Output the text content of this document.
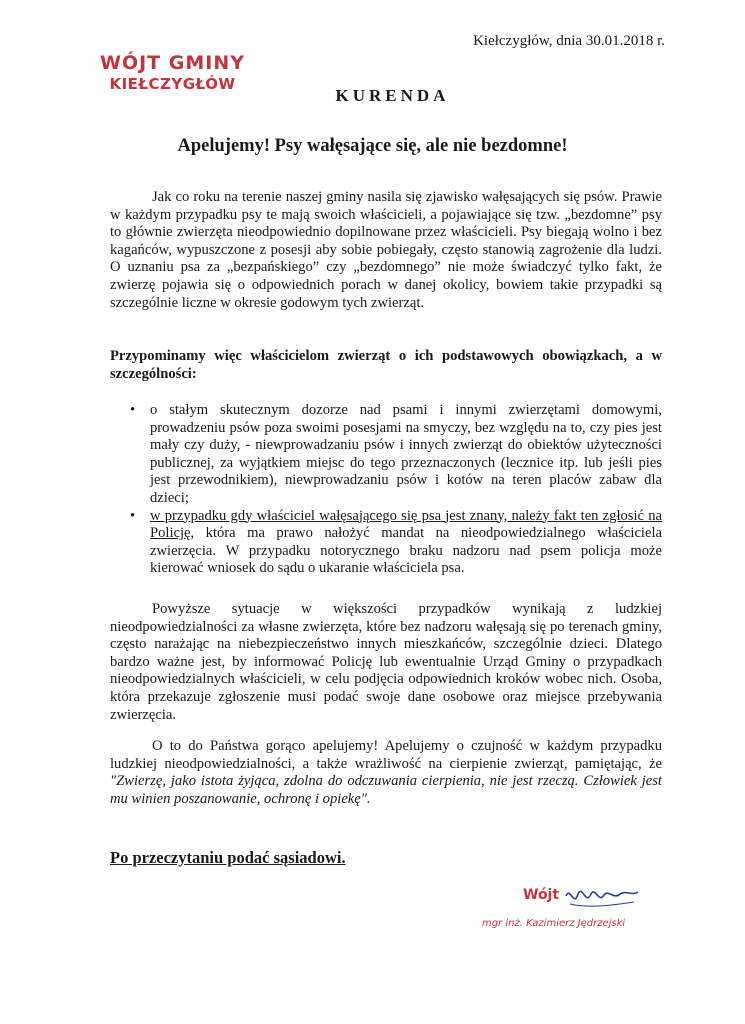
Kiełczygłów, dnia 30.01.2018 r.
WÓJT GMINY
KIEŁCZYGŁÓW
KURENDA
Apelujemy! Psy wałęsające się, ale nie bezdomne!
Jak co roku na terenie naszej gminy nasila się zjawisko wałęsających się psów. Prawie w każdym przypadku psy te mają swoich właścicieli, a pojawiające się tzw. „bezdomne” psy to głównie zwierzęta nieodpowiednio dopilnowane przez właścicieli. Psy biegają wolno i bez kagańców, wypuszczone z posesji aby sobie pobiegały, często stanowią zagrożenie dla ludzi. O uznaniu psa za „bezpańskiego” czy „bezdomnego” nie może świadczyć tylko fakt, że zwierzę pojawia się o odpowiednich porach w danej okolicy, bowiem takie przypadki są szczególnie liczne w okresie godowym tych zwierząt.
Przypominamy więc właścicielom zwierząt o ich podstawowych obowiązkach, a w szczególności:
• o stałym skutecznym dozorze nad psami i innymi zwierzętami domowymi, prowadzeniu psów poza swoimi posesjami na smyczy, bez względu na to, czy pies jest mały czy duży, - niewprowadzaniu psów i innych zwierząt do obiektów użyteczności publicznej, za wyjątkiem miejsc do tego przeznaczonych (lecznice itp. lub jeśli pies jest przewodnikiem), niewprowadzaniu psów i kotów na teren placów zabaw dla dzieci;
• w przypadku gdy właściciel wałęsającego się psa jest znany, należy fakt ten zgłosić na Policję, która ma prawo nałożyć mandat na nieodpowiedzialnego właściciela zwierzęcia. W przypadku notorycznego braku nadzoru nad psem policja może kierować wniosek do sądu o ukaranie właściciela psa.
Powyższe sytuacje w większości przypadków wynikają z ludzkiej nieodpowiedzialności za własne zwierzęta, które bez nadzoru wałęsają się po terenach gminy, często narażając na niebezpieczeństwo innych mieszkańców, szczególnie dzieci. Dlatego bardzo ważne jest, by informować Policję lub ewentualnie Urząd Gminy o przypadkach nieodpowiedzialnych właścicieli, w celu podjęcia odpowiednich kroków wobec nich. Osoba, która przekazuje zgłoszenie musi podać swoje dane osobowe oraz miejsce przebywania zwierzęcia.
O to do Państwa gorąco apelujemy! Apelujemy o czujność w każdym przypadku ludzkiej nieodpowiedzialności, a także wrażliwość na cierpienie zwierząt, pamiętając, że "Zwierzę, jako istota żyjąca, zdolna do odczuwania cierpienia, nie jest rzeczą. Człowiek jest mu winien poszanowanie, ochronę i opiekę".
Po przeczytaniu podać sąsiadowi.
Wójt
mgr inż. Kazimierz Jędrzejski
